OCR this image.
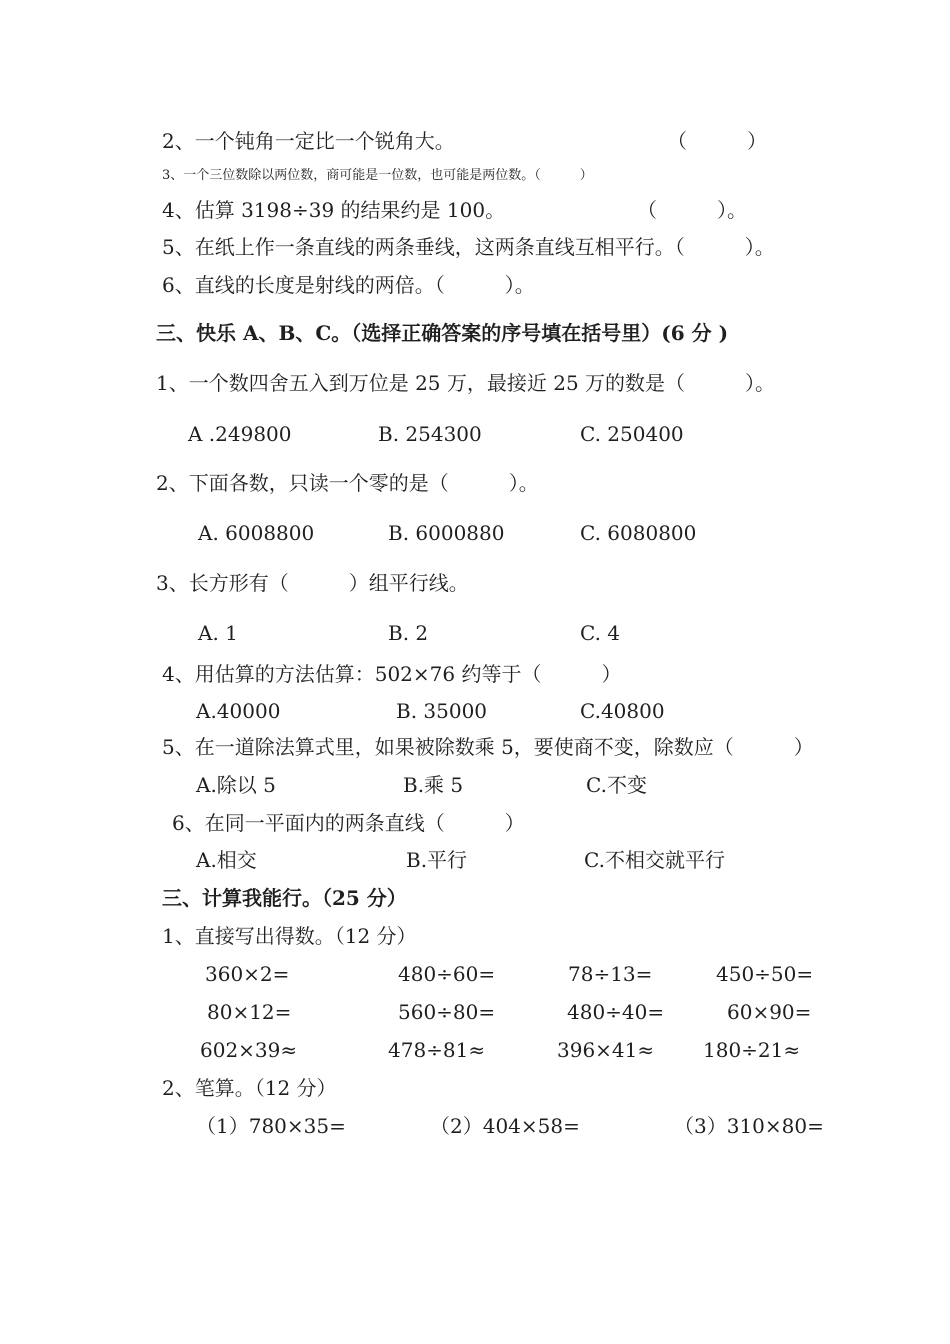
2、一个钝角一定比一个锐角大。	（　　　）
3、一个三位数除以两位数，商可能是一位数，也可能是两位数。（　　　）
4、估算 3198÷39 的结果约是 100。	（　　　）。
5、在纸上作一条直线的两条垂线，这两条直线互相平行。（　　　）。
6、直线的长度是射线的两倍。（　　　）。
三、快乐 A、B、C。（选择正确答案的序号填在括号里）(6 分 )
1、一个数四舍五入到万位是 25 万，最接近 25 万的数是（　　　）。
A .249800	B. 254300	C. 250400
2、下面各数，只读一个零的是（　　　）。
A. 6008800	B. 6000880	C. 6080800
3、长方形有（　　　）组平行线。
A. 1	B. 2	C. 4
4、用估算的方法估算：502×76 约等于（　　　）
A.40000	B. 35000	C.40800
5、在一道除法算式里，如果被除数乘 5，要使商不变，除数应（　　　）
A.除以 5	B.乘 5	C.不变
6、在同一平面内的两条直线（　　　）
A.相交	B.平行	C.不相交就平行
三、计算我能行。（25 分）
1、直接写出得数。（12 分）
360×2=	480÷60=	78÷13=	450÷50=
80×12=	560÷80=	480÷40=	60×90=
602×39≈	478÷81≈	396×41≈ 180÷21≈
2、笔算。（12 分）
（1）780×35=	（2）404×58=	（3）310×80=
